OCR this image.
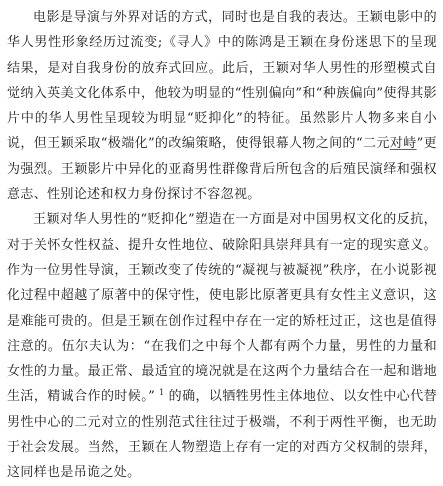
电影是导演与外界对话的方式，同时也是自我的表达。王颖电影中的华人男性形象经历过流变;《寻人》中的陈鸿是王颖在身份迷思下的呈现结果，是对自我身份的放弃式回应。此后，王颖对华人男性的形塑模式自觉纳入英美文化体系中，他较为明显的“性别偏向”和“种族偏向”使得其影片中的华人男性呈现较为明显“贬抑化”的特征。虽然影片人物多来自小说，但王颖采取“极端化”的改编策略，使得银幕人物之间的“二元对峙”更为强烈。王颖影片中异化的亚裔男性群像背后所包含的后殖民演绎和强权意志、性别论述和权力身份探讨不容忽视。

王颖对华人男性的“贬抑化”塑造在一方面是对中国男权文化的反抗，对于关怀女性权益、提升女性地位、破除阳具崇拜具有一定的现实意义。作为一位男性导演，王颖改变了传统的“凝视与被凝视”秩序，在小说影视化过程中超越了原著中的保守性，使电影比原著更具有女性主义意识，这是难能可贵的。但是王颖在创作过程中存在一定的矫枉过正，这也是值得注意的。伍尔夫认为：“在我们之中每个人都有两个力量，男性的力量和女性的力量。最正常、最适宜的境况就是在这两个力量结合在一起和谐地生活，精诚合作的时候。” $^1$ 的确，以牺牲男性主体地位、以女性中心代替男性中心的二元对立的性别范式往往过于极端，不利于两性平衡，也无助于社会发展。当然，王颖在人物塑造上存有一定的对西方父权制的崇拜，这同样也是吊诡之处。
